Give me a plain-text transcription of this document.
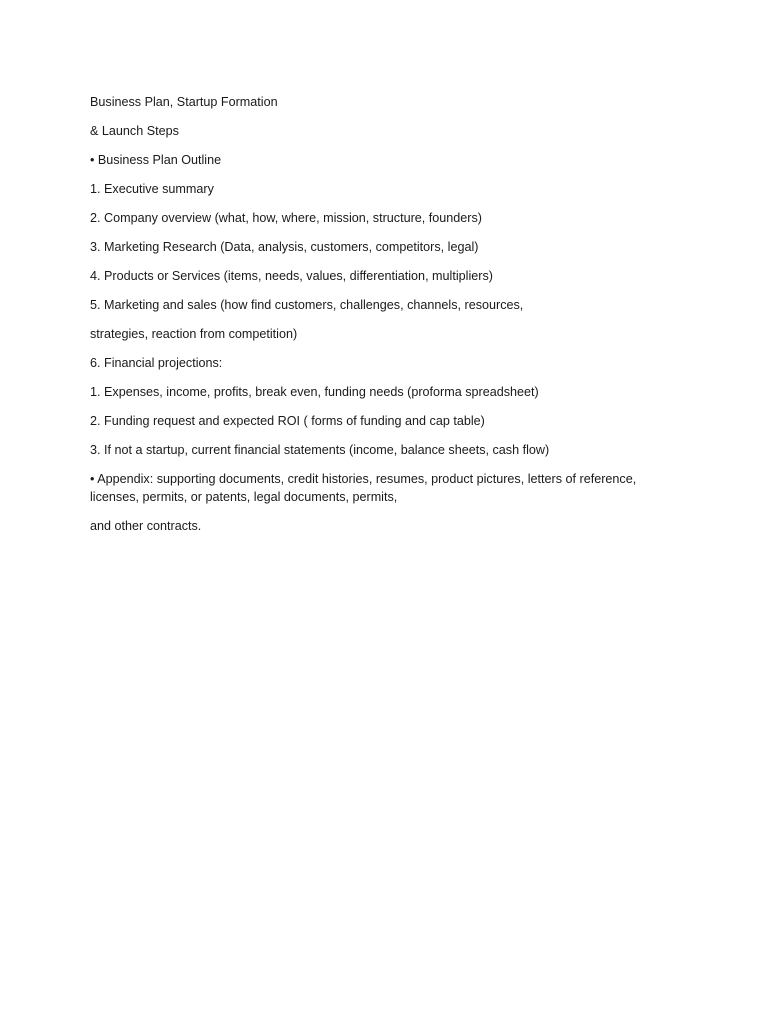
Business Plan, Startup Formation

& Launch Steps

• Business Plan Outline

1. Executive summary

2. Company overview (what, how, where, mission, structure, founders)

3. Marketing Research (Data, analysis, customers, competitors, legal)

4. Products or Services (items, needs, values, differentiation, multipliers)

5. Marketing and sales (how find customers, challenges, channels, resources,

strategies, reaction from competition)

6. Financial projections:

1. Expenses, income, profits, break even, funding needs (proforma spreadsheet)

2. Funding request and expected ROI ( forms of funding and cap table)

3. If not a startup, current financial statements (income, balance sheets, cash flow)

• Appendix: supporting documents, credit histories, resumes, product pictures, letters of reference, licenses, permits, or patents, legal documents, permits,

and other contracts.
